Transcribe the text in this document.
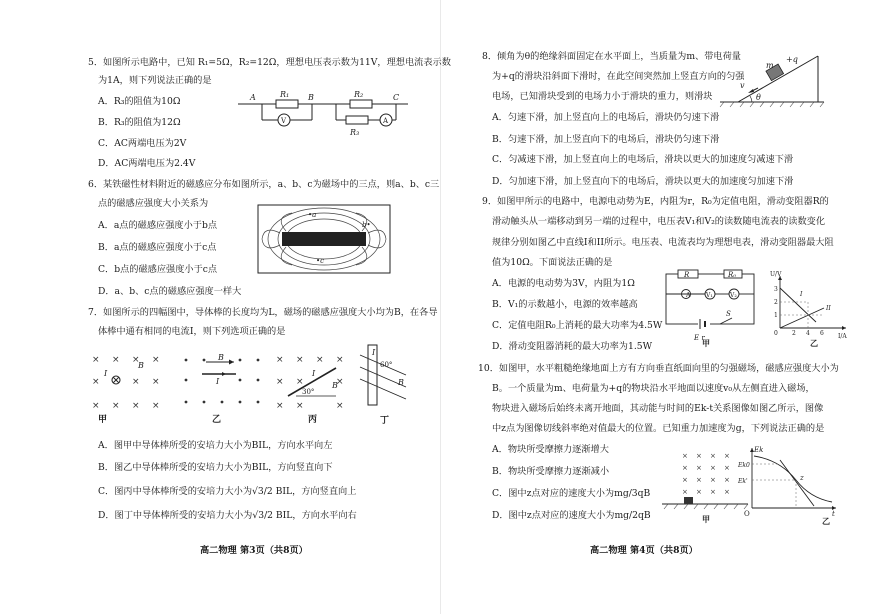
5．如图所示电路中，已知 R₁=5Ω，R₂=12Ω，理想电压表示数为11V，理想电流表示数
为1A，则下列说法正确的是
A．R₃的阻值为10Ω
B．R₃的阻值为12Ω
C．AC两端电压为2V
D．AC两端电压为2.4V
A	R₁ B	R₂	C
R₃
V	A
6．某铁磁性材料附近的磁感应分布如图所示，a、b、c为磁场中的三点，则a、b、c三
点的磁感应强度大小关系为
A．a点的磁感应强度小于b点
B．a点的磁感应强度小于c点
C．b点的磁感应强度小于c点
D．a、b、c点的磁感应强度一样大
•a
b•
•c
7．如图所示的四幅图中，导体棒的长度均为L，磁场的磁感应强度大小均为B，在各导
体棒中通有相同的电流I，则下列选项正确的是
× × × ×
×	× ×
× × × ×
B
I
甲
B
I
乙
× × × ×
× ×	×
× ×	×
B
I
30°
丙
I
60°
B
丁
A．图甲中导体棒所受的安培力大小为BIL，方向水平向左
B．图乙中导体棒所受的安培力大小为BIL，方向竖直向下
C．图丙中导体棒所受的安培力大小为√3/2 BIL，方向竖直向上
D．图丁中导体棒所受的安培力大小为√3/2 BIL，方向水平向右
高二物理 第3页（共8页）
8．倾角为θ的绝缘斜面固定在水平面上，当质量为m、带电荷量
为+q的滑块沿斜面下滑时，在此空间突然加上竖直方向的匀强
电场，已知滑块受到的电场力小于滑块的重力，则滑块
A．匀速下滑，加上竖直向上的电场后，滑块仍匀速下滑
B．匀速下滑，加上竖直向下的电场后，滑块仍匀速下滑
C．匀减速下滑，加上竖直向上的电场后，滑块以更大的加速度匀减速下滑
D．匀加速下滑，加上竖直向下的电场后，滑块以更大的加速度匀加速下滑
m
+q
v
θ
9．如图甲所示的电路中，电源电动势为E，内阻为r，R₀为定值电阻，滑动变阻器R的
滑动触头从一端移动到另一端的过程中，电压表V₁和V₂的读数随电流表的读数变化
规律分别如图乙中直线I和II所示。电压表、电流表均为理想电表，滑动变阻器最大阻
值为10Ω。下面说法正确的是
A．电源的电动势为3V，内阻为1Ω
B．V₁的示数越小，电源的效率越高
C．定值电阻R₀上消耗的最大功率为4.5W
D．滑动变阻器消耗的最大功率为1.5W
R	R₀
V₁	V₂
A
E r
S
甲
U/V
I/A
3
2
1
0 2 4 6
I
II
乙
10．如图甲，水平粗糙绝缘地面上方有方向垂直纸面向里的匀强磁场，磁感应强度大小为
B。一个质量为m、电荷量为+q的物块沿水平地面以速度v₀从左侧直进入磁场，
物块进入磁场后始终未离开地面，其动能与时间的Ek-t关系图像如图乙所示，图像
中z点为图像切线斜率绝对值最大的位置。已知重力加速度为g，下列说法正确的是
A．物块所受摩擦力逐渐增大
B．物块所受摩擦力逐渐减小
C．图中z点对应的速度大小为mg/3qB
D．图中z点对应的速度大小为mg/2qB
× × × ×
× × × ×
× × × ×
× × × ×
甲
Ek
Ek0
Ek'	z
O	t
乙
高二物理 第4页（共8页）
